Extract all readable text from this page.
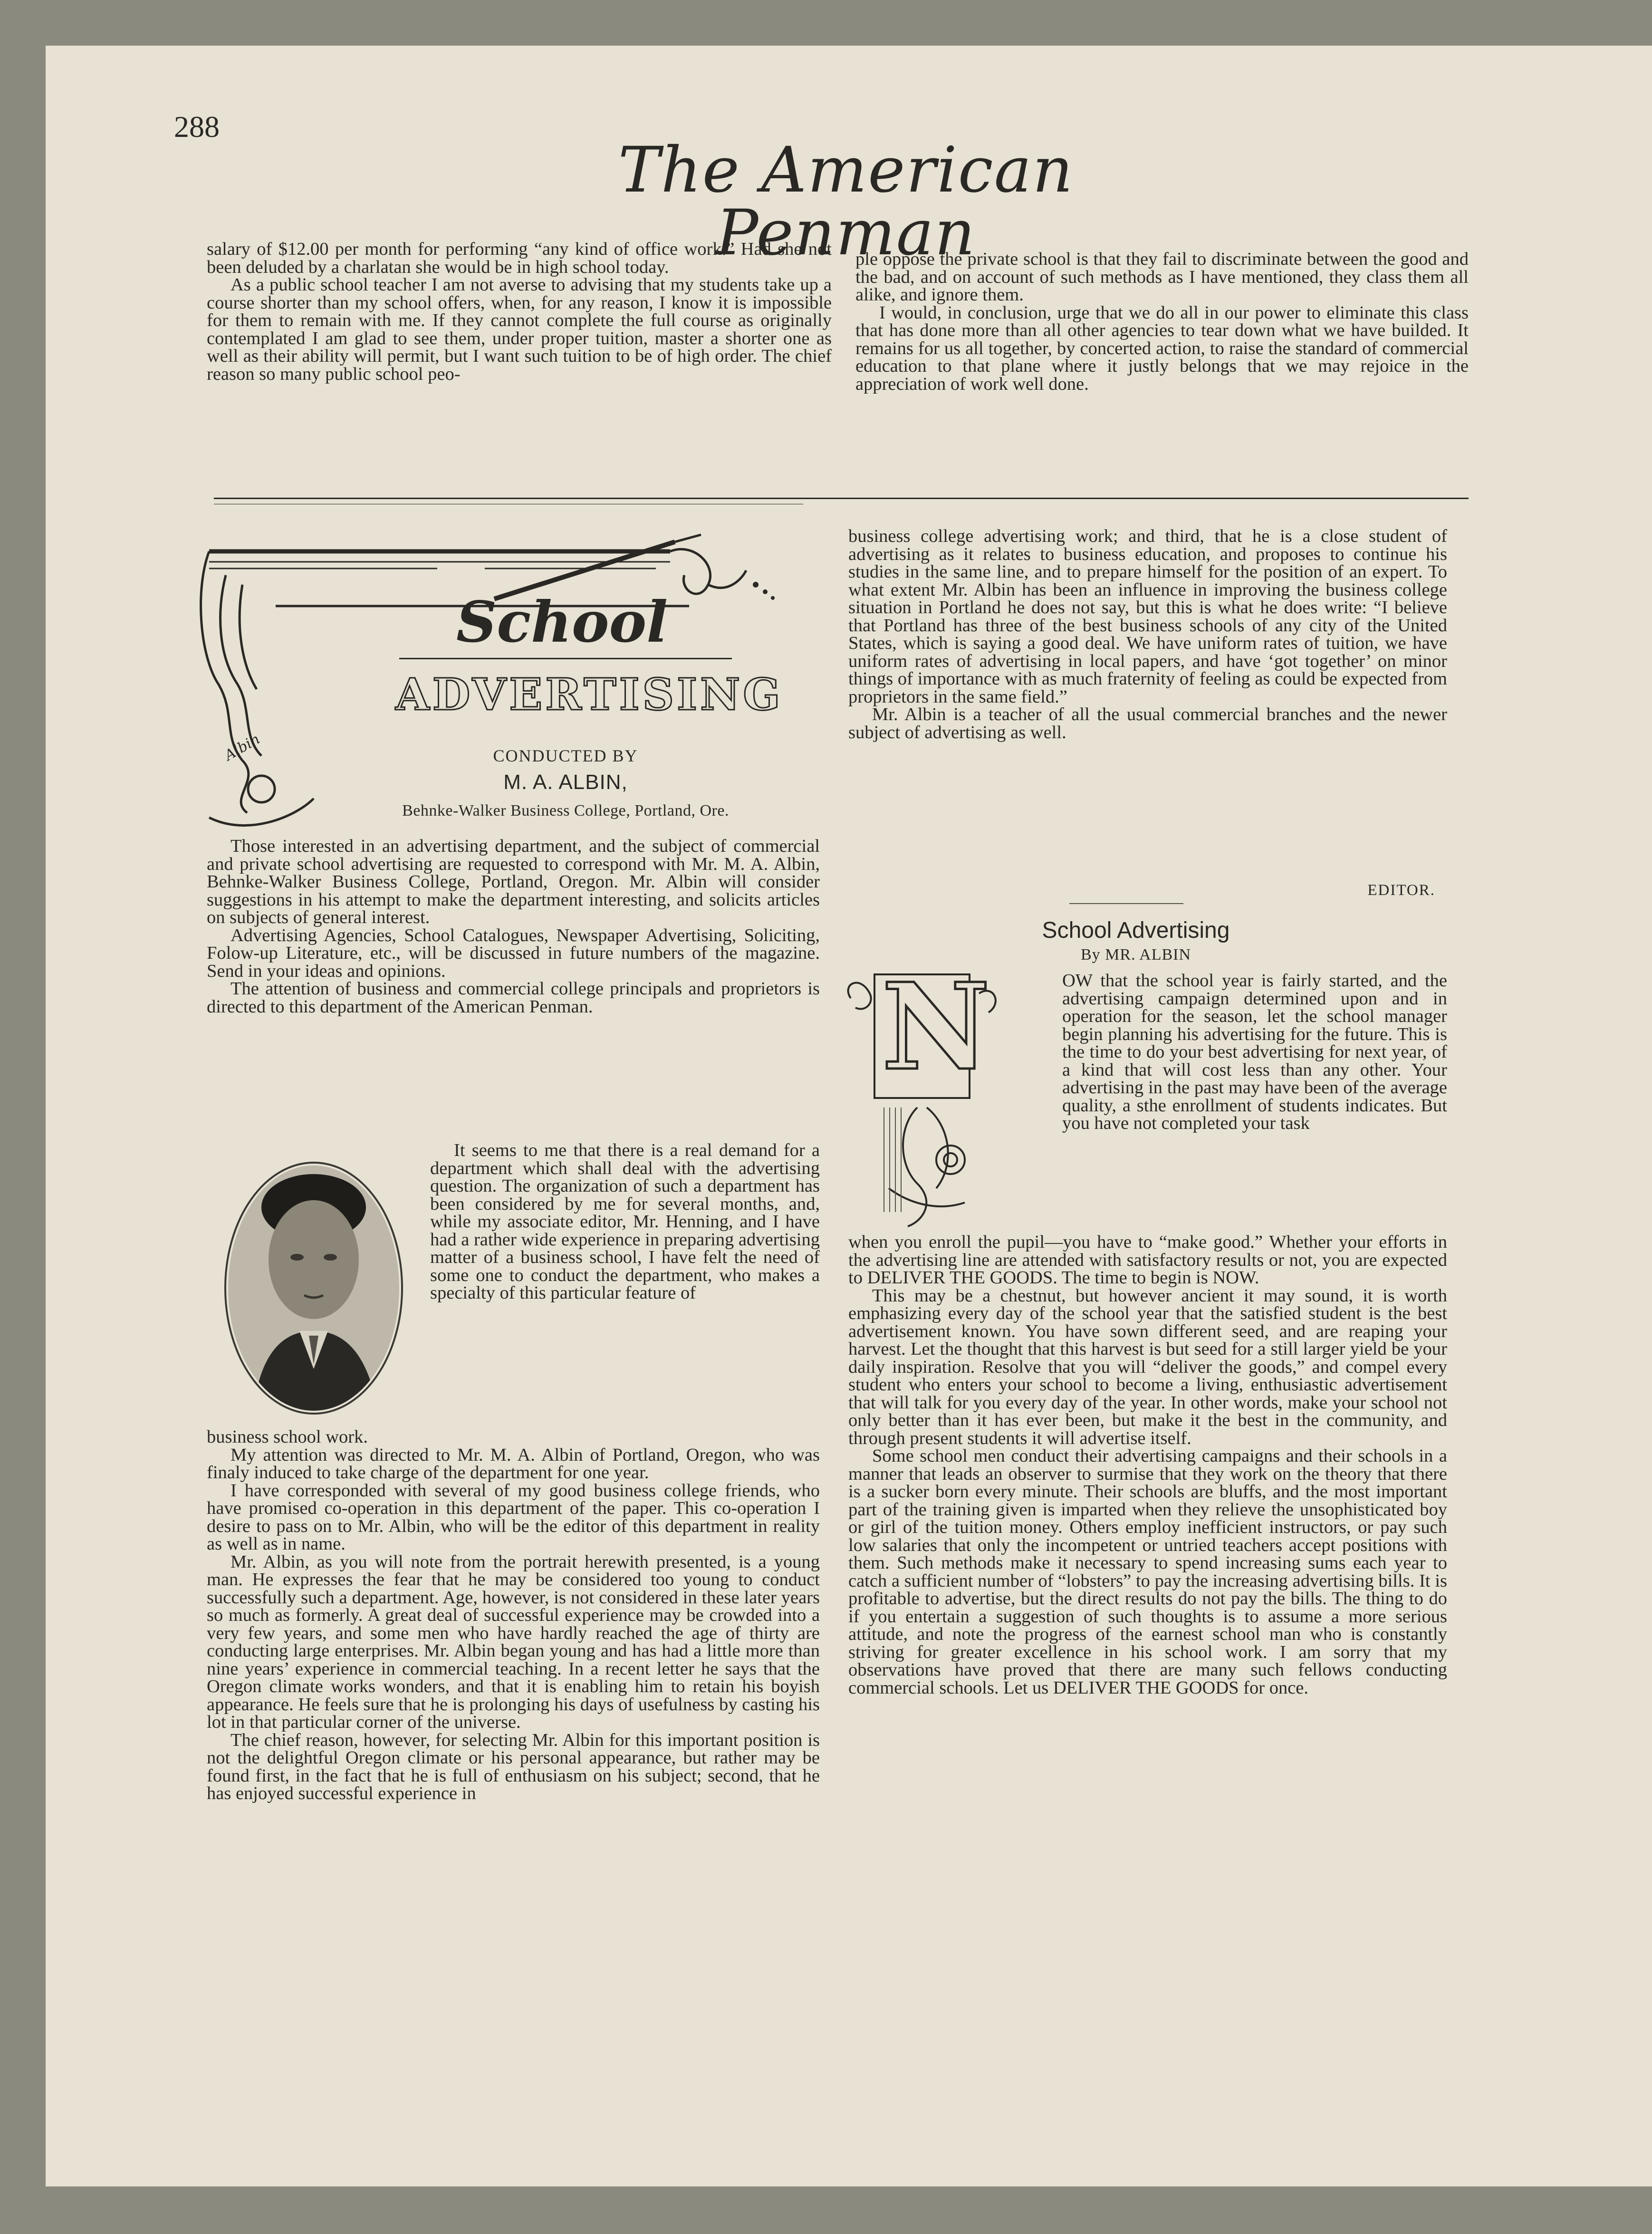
288
The American Penman

salary of $12.00 per month for performing “any kind of office work.” Had she not been deluded by a charlatan she would be in high school today.

As a public school teacher I am not averse to advising that my students take up a course shorter than my school offers, when, for any reason, I know it is impossible for them to remain with me. If they cannot complete the full course as originally contemplated I am glad to see them, under proper tuition, master a shorter one as well as their ability will permit, but I want such tuition to be of high order. The chief reason so many public school peo-

ple oppose the private school is that they fail to discriminate between the good and the bad, and on account of such methods as I have mentioned, they class them all alike, and ignore them.

I would, in conclusion, urge that we do all in our power to eliminate this class that has done more than all other agencies to tear down what we have builded. It remains for us all together, by concerted action, to raise the standard of commercial education to that plane where it justly belongs that we may rejoice in the appreciation of work well done.

School
ADVERTISING
Albin	CONDUCTED BY
M. A. ALBIN,
Behnke-Walker Business College, Portland, Ore.

Those interested in an advertising department, and the subject of commercial and private school advertising are requested to correspond with Mr. M. A. Albin, Behnke-Walker Business College, Portland, Oregon. Mr. Albin will consider suggestions in his attempt to make the department interesting, and solicits articles on subjects of general interest.

Advertising Agencies, School Catalogues, Newspaper Advertising, Soliciting, Folow-up Literature, etc., will be discussed in future numbers of the magazine. Send in your ideas and opinions.

The attention of business and commercial college principals and proprietors is directed to this department of the American Penman.

It seems to me that there is a real demand for a department which shall deal with the advertising question. The organization of such a department has been considered by me for several months, and, while my associate editor, Mr. Henning, and I have had a rather wide experience in preparing advertising matter of a business school, I have felt the need of some one to conduct the department, who makes a specialty of this particular feature of

business school work.

My attention was directed to Mr. M. A. Albin of Portland, Oregon, who was finaly induced to take charge of the department for one year.

I have corresponded with several of my good business college friends, who have promised co-operation in this department of the paper. This co-operation I desire to pass on to Mr. Albin, who will be the editor of this department in reality as well as in name.

Mr. Albin, as you will note from the portrait herewith presented, is a young man. He expresses the fear that he may be considered too young to conduct successfully such a department. Age, however, is not considered in these later years so much as formerly. A great deal of successful experience may be crowded into a very few years, and some men who have hardly reached the age of thirty are conducting large enterprises. Mr. Albin began young and has had a little more than nine years’ experience in commercial teaching. In a recent letter he says that the Oregon climate works wonders, and that it is enabling him to retain his boyish appearance. He feels sure that he is prolonging his days of usefulness by casting his lot in that particular corner of the universe.

The chief reason, however, for selecting Mr. Albin for this important position is not the delightful Oregon climate or his personal appearance, but rather may be found first, in the fact that he is full of enthusiasm on his subject; second, that he has enjoyed successful experience in

business college advertising work; and third, that he is a close student of advertising as it relates to business education, and proposes to continue his studies in the same line, and to prepare himself for the position of an expert. To what extent Mr. Albin has been an influence in improving the business college situation in Portland he does not say, but this is what he does write: “I believe that Portland has three of the best business schools of any city of the United States, which is saying a good deal. We have uniform rates of tuition, we have uniform rates of advertising in local papers, and have ‘got together’ on minor things of importance with as much fraternity of feeling as could be expected from proprietors in the same field.”

Mr. Albin is a teacher of all the usual commercial branches and the newer subject of advertising as well.

EDITOR.
School Advertising
By MR. ALBIN
N	OW that the school year is fairly started, and the advertising campaign determined upon and in operation for the season, let the school manager begin planning his advertising for the future. This is the time to do your best advertising for next year, of a kind that will cost less than any other. Your advertising in the past may have been of the average quality, a sthe enrollment of students indicates. But you have not completed your task

when you enroll the pupil—you have to “make good.” Whether your efforts in the advertising line are attended with satisfactory results or not, you are expected to DELIVER THE GOODS. The time to begin is NOW.

This may be a chestnut, but however ancient it may sound, it is worth emphasizing every day of the school year that the satisfied student is the best advertisement known. You have sown different seed, and are reaping your harvest. Let the thought that this harvest is but seed for a still larger yield be your daily inspiration. Resolve that you will “deliver the goods,” and compel every student who enters your school to become a living, enthusiastic advertisement that will talk for you every day of the year. In other words, make your school not only better than it has ever been, but make it the best in the community, and through present students it will advertise itself.

Some school men conduct their advertising campaigns and their schools in a manner that leads an observer to surmise that they work on the theory that there is a sucker born every minute. Their schools are bluffs, and the most important part of the training given is imparted when they relieve the unsophisticated boy or girl of the tuition money. Others employ inefficient instructors, or pay such low salaries that only the incompetent or untried teachers accept positions with them. Such methods make it necessary to spend increasing sums each year to catch a sufficient number of “lobsters” to pay the increasing advertising bills. It is profitable to advertise, but the direct results do not pay the bills. The thing to do if you entertain a suggestion of such thoughts is to assume a more serious attitude, and note the progress of the earnest school man who is constantly striving for greater excellence in his school work. I am sorry that my observations have proved that there are many such fellows conducting commercial schools. Let us DELIVER THE GOODS for once.
